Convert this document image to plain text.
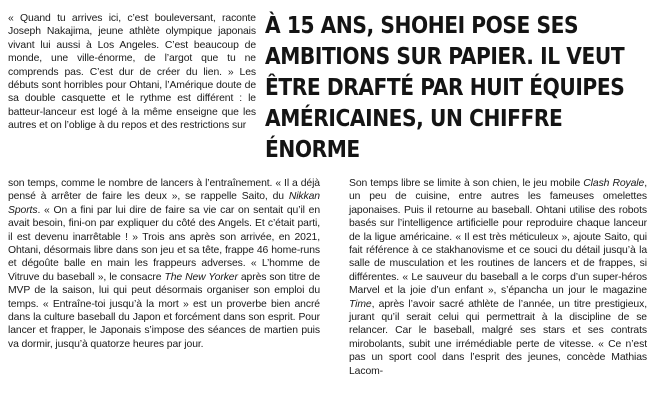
À 15 ANS, SHOHEI POSE SES AMBITIONS SUR PAPIER. IL VEUT ÊTRE DRAFTÉ PAR HUIT ÉQUIPES AMÉRICAINES, UN CHIFFRE ÉNORME

« Quand tu arrives ici, c’est bouleversant, raconte Joseph Nakajima, jeune athlète olympique japonais vivant lui aussi à Los Angeles. C’est beaucoup de monde, une ville-énorme, de l’argot que tu ne comprends pas. C’est dur de créer du lien. » Les débuts sont horribles pour Ohtani, l’Amérique doute de sa double casquette et le rythme est différent : le batteur-lanceur est logé à la même enseigne que les autres et on l’oblige à du repos et des restrictions sur

son temps, comme le nombre de lancers à l’entraînement. « Il a déjà pensé à arrêter de faire les deux », se rappelle Saito, du Nikkan Sports. « On a fini par lui dire de faire sa vie car on sentait qu’il en avait besoin, fini-on par expliquer du côté des Angels. Et c’était parti, il est devenu inarrêtable ! » Trois ans après son arrivée, en 2021, Ohtani, désormais libre dans son jeu et sa tête, frappe 46 home-runs et dégoûte balle en main les frappeurs adverses. « L’homme de Vitruve du baseball », le consacre The New Yorker après son titre de MVP de la saison, lui qui peut désormais organiser son emploi du temps. « Entraîne-toi jusqu’à la mort » est un proverbe bien ancré dans la culture baseball du Japon et forcément dans son esprit. Pour lancer et frapper, le Japonais s’impose des séances de martien puis va dormir, jusqu’à quatorze heures par jour.

Son temps libre se limite à son chien, le jeu mobile Clash Royale, un peu de cuisine, entre autres les fameuses omelettes japonaises. Puis il retourne au baseball. Ohtani utilise des robots basés sur l’intelligence artificielle pour reproduire chaque lanceur de la ligue américaine. « Il est très méticuleux », ajoute Saito, qui fait référence à ce stakhanovisme et ce souci du détail jusqu’à la salle de musculation et les routines de lancers et de frappes, si différentes. « Le sauveur du baseball a le corps d’un super-héros Marvel et la joie d’un enfant », s’épancha un jour le magazine Time, après l’avoir sacré athlète de l’année, un titre prestigieux, jurant qu’il serait celui qui permettrait à la discipline de se relancer. Car le baseball, malgré ses stars et ses contrats mirobolants, subit une irrémédiable perte de vitesse. « Ce n’est pas un sport cool dans l’esprit des jeunes, concède Mathias Lacom-
